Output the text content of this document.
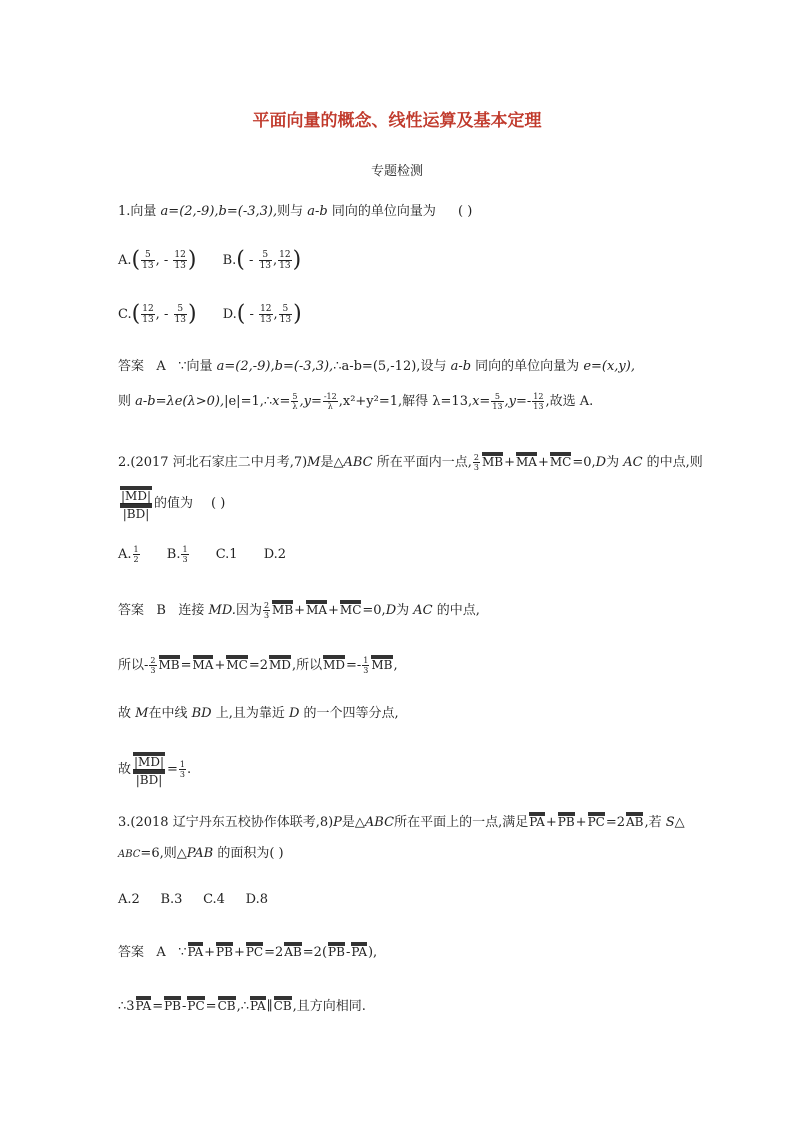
平面向量的概念、线性运算及基本定理
专题检测
1.向量 a=(2,-9),b=(-3,3),则与 a-b 同向的单位向量为 ( )
$A.( \frac{5}{13}$ , - $\frac{12}{13}$ ) $B.( - \frac{5}{13}$ , $\frac{12}{13}$ )
$C.( \frac{12}{13}$ , - $\frac{5}{13}$ ) $D.( - \frac{12}{13}$ , $\frac{5}{13}$ )
答案 A ∵向量 a=(2,-9),b=(-3,3),∴a-b=(5,-12),设与 a-b 同向的单位向量为 e=(x,y),
则 a-b=λe(λ>0),|e|=1,∴x= $\frac{5}{\lambda} ,y= \frac{-12}{\lambda} ,x^2+y^2=1$,解得 $\lambda=13,x= \frac{5}{13} ,y=- \frac{12}{13}$ ,故选 A.
2.(2017 河北石家庄二中月考,7)M是△ABC 所在平面内一点, $\frac{2}{3} MB+MA+MC=0,D$为 AC 的中点,则
$\frac{|MD|}{|BD|}$ 的值为 ( )
A. $\frac{1}{2} B$. $\frac{1}{3} C.1$ D.2
答案 B 连接 MD.因为 $\frac{2}{3} MB+MA+MC=0,D$为 AC 的中点,
所以- $\frac{2}{3} MB=MA+MC=2MD$,所以$MD=- \frac{1}{3}$ MB,
故 M在中线 BD 上,且为靠近 D 的一个四等分点,
故 $\frac{|MD|}{|BD|} = \frac{1}{3}$ .
3.(2018 辽宁丹东五校协作体联考,8)P是△ABC所在平面上的一点,满足PA+PB+PC=2AB,若 S△
ABC=6,则△PAB 的面积为( )
A.2     B.3     C.4     D.8
答案 A ∵PA+PB+PC=2AB=2(PB-PA),
∴3PA=PB-PC=CB,∴PA∥CB,且方向相同.
